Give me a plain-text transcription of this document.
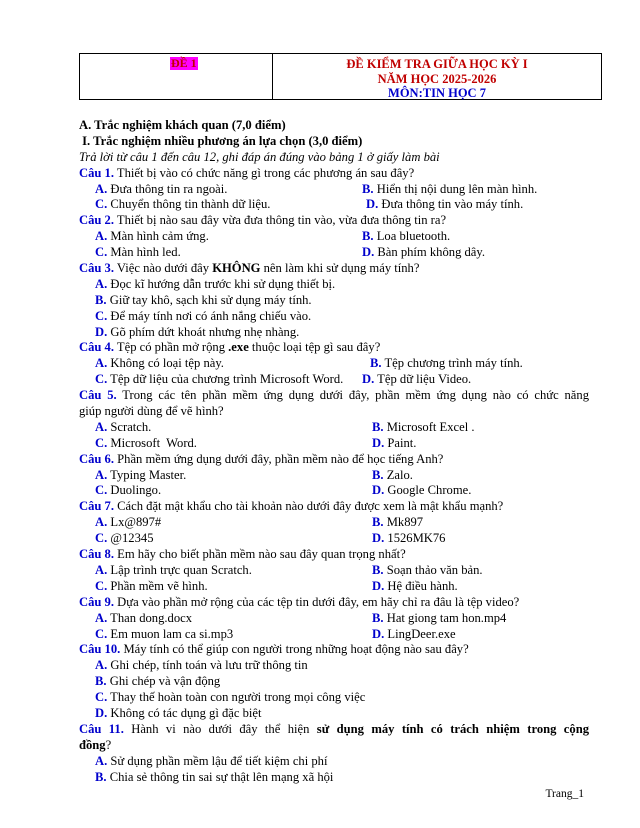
ĐỀ 1	ĐỀ KIỂM TRA GIỮA HỌC KỲ I
NĂM HỌC 2025-2026
MÔN:TIN HỌC 7
A. Trắc nghiệm khách quan (7,0 điểm)
I. Trắc nghiệm nhiều phương án lựa chọn (3,0 điểm)
Trả lời từ câu 1 đến câu 12, ghi đáp án đúng vào bảng 1 ở giấy làm bài
Câu 1. Thiết bị vào có chức năng gì trong các phương án sau đây?
A. Đưa thông tin ra ngoài.	B. Hiển thị nội dung lên màn hình.
C. Chuyển thông tin thành dữ liệu.	D. Đưa thông tin vào máy tính.
Câu 2. Thiết bị nào sau đây vừa đưa thông tin vào, vừa đưa thông tin ra?
A. Màn hình cảm ứng.	B. Loa bluetooth.
C. Màn hình led.	D. Bàn phím không dây.
Câu 3. Việc nào dưới đây KHÔNG nên làm khi sử dụng máy tính?
A. Đọc kĩ hướng dẫn trước khi sử dụng thiết bị.
B. Giữ tay khô, sạch khi sử dụng máy tính.
C. Để máy tính nơi có ánh nắng chiếu vào.
D. Gõ phím dứt khoát nhưng nhẹ nhàng.
Câu 4. Tệp có phần mở rộng .exe thuộc loại tệp gì sau đây?
A. Không có loại tệp này.	B. Tệp chương trình máy tính.
C. Tệp dữ liệu của chương trình Microsoft Word.	D. Tệp dữ liệu Video.
Câu 5. Trong các tên phần mềm ứng dụng dưới đây, phần mềm ứng dụng nào có chức năng
giúp người dùng để vẽ hình?
A. Scratch.	B. Microsoft Excel .
C. Microsoft  Word.	D. Paint.
Câu 6. Phần mềm ứng dụng dưới đây, phần mềm nào để học tiếng Anh?
A. Typing Master.	B. Zalo.
C. Duolingo.	D. Google Chrome.
Câu 7. Cách đặt mật khẩu cho tài khoản nào dưới đây được xem là mật khẩu mạnh?
A. Lx@897#	B. Mk897
C. @12345	D. 1526MK76
Câu 8. Em hãy cho biết phần mềm nào sau đây quan trọng nhất?
A. Lập trình trực quan Scratch.	B. Soạn thảo văn bản.
C. Phần mềm vẽ hình.	D. Hệ điều hành.
Câu 9. Dựa vào phần mở rộng của các tệp tin dưới đây, em hãy chỉ ra đâu là tệp video?
A. Than dong.docx	B. Hat giong tam hon.mp4
C. Em muon lam ca si.mp3	D. LingDeer.exe
Câu 10. Máy tính có thể giúp con người trong những hoạt động nào sau đây?
A. Ghi chép, tính toán và lưu trữ thông tin
B. Ghi chép và vận động
C. Thay thế hoàn toàn con người trong mọi công việc
D. Không có tác dụng gì đặc biệt
Câu 11. Hành vi nào dưới đây thể hiện sử dụng máy tính có trách nhiệm trong cộng
đồng?
A. Sử dụng phần mềm lậu để tiết kiệm chi phí
B. Chia sẻ thông tin sai sự thật lên mạng xã hội
Trang_1
